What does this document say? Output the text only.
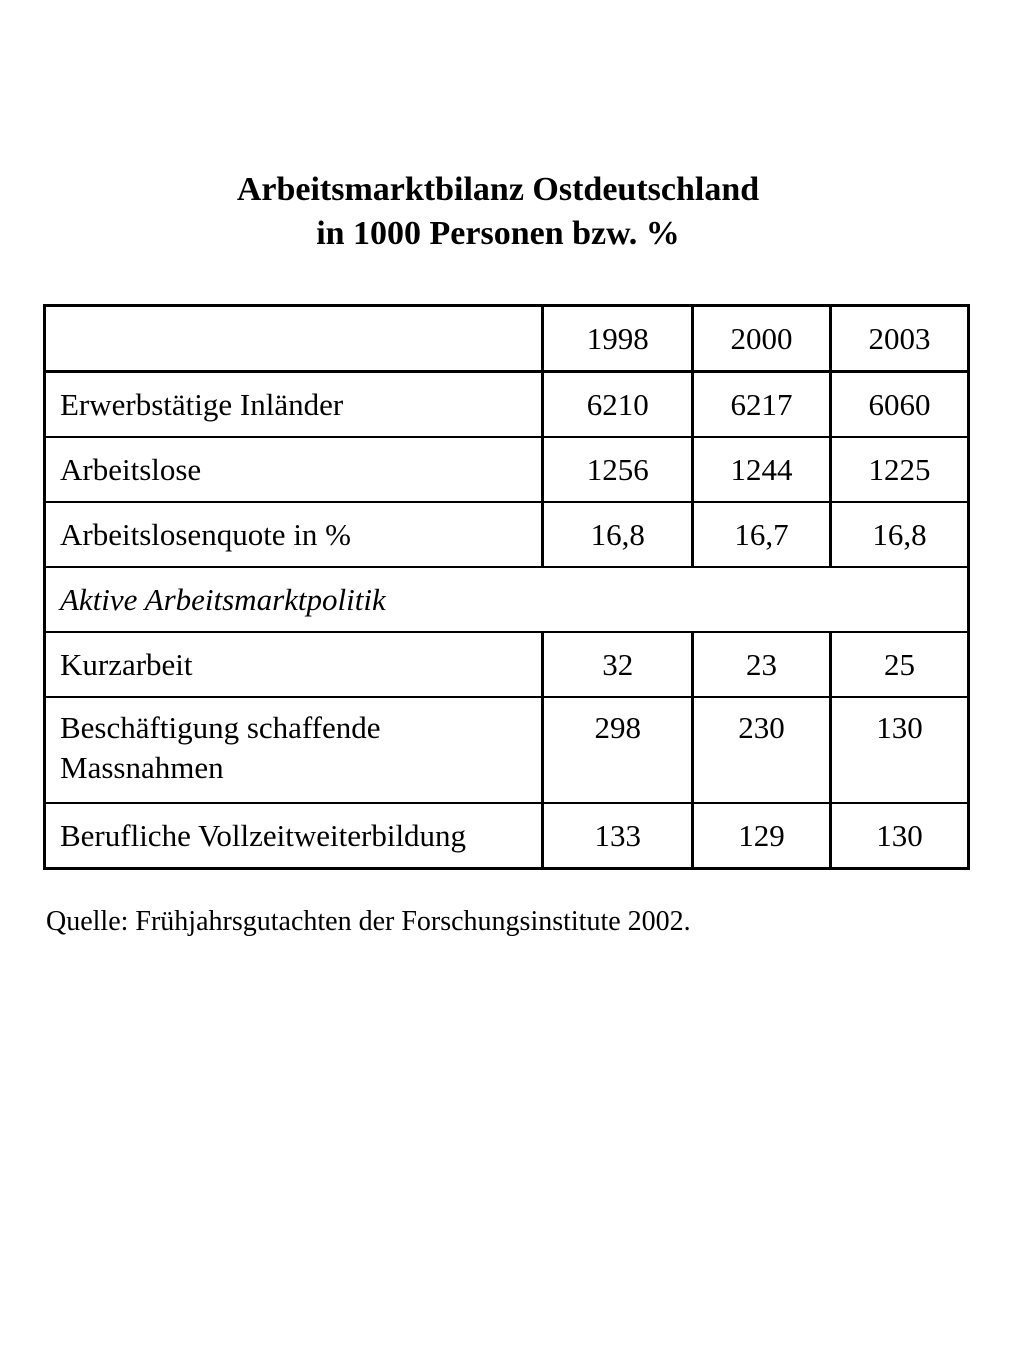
Arbeitsmarktbilanz Ostdeutschland
in 1000 Personen bzw. %
	1998	2000	2003
Erwerbstätige Inländer	6210	6217	6060
Arbeitslose	1256	1244	1225
Arbeitslosenquote in %	16,8	16,7	16,8
Aktive Arbeitsmarktpolitik			
Kurzarbeit	32	23	25
Beschäftigung schaffende
Massnahmen	298	230	130
Berufliche Vollzeitweiterbildung	133	129	130
Quelle: Frühjahrsgutachten der Forschungsinstitute 2002.
